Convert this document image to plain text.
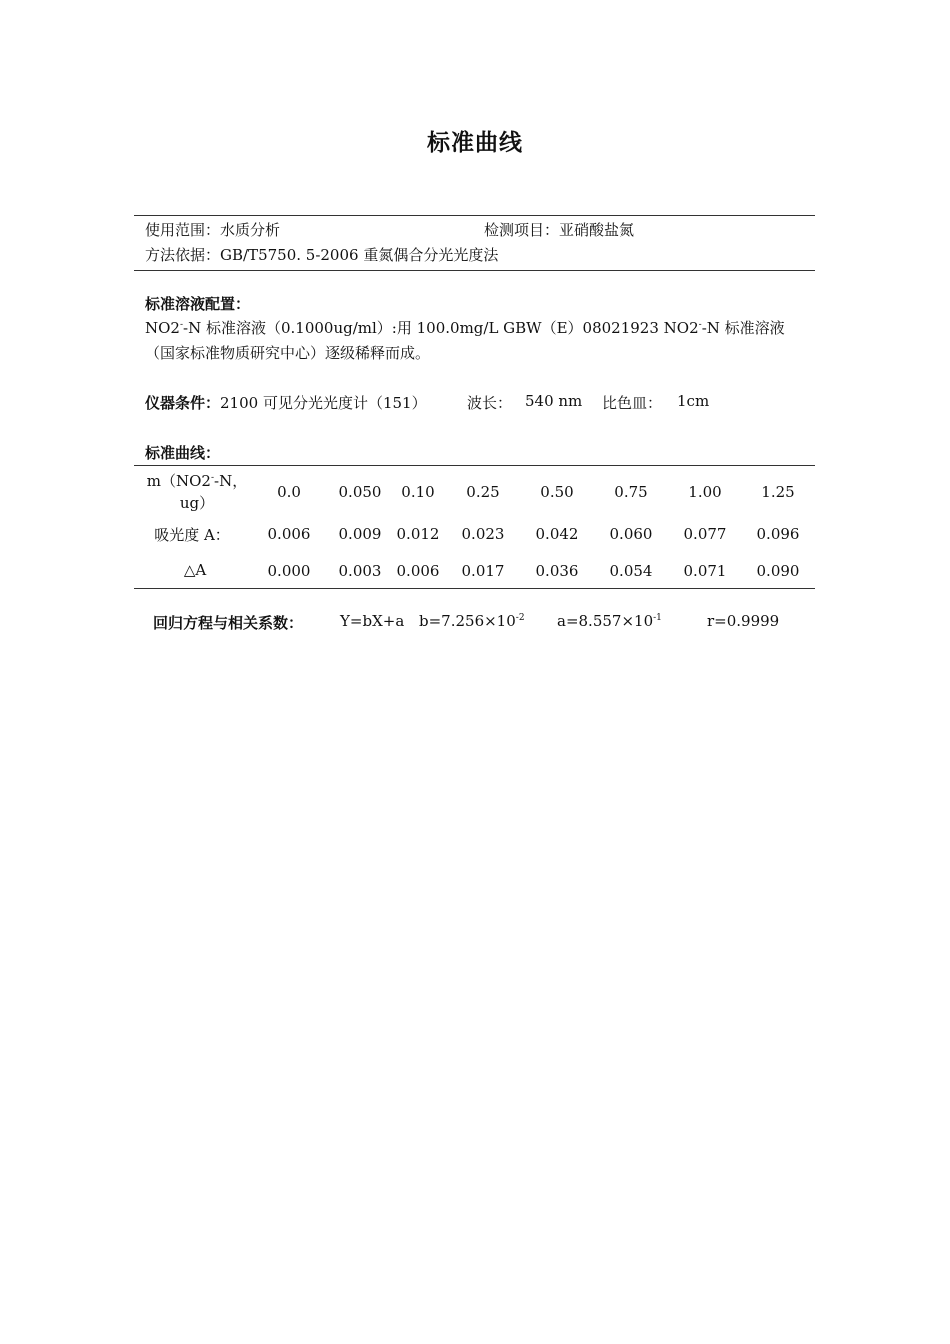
标准曲线
使用范围：水质分析	检测项目：亚硝酸盐氮
方法依据：GB/T5750. 5-2006 重氮偶合分光光度法
标准溶液配置：
NO2--N 标准溶液（0.1000ug/ml）:用 100.0mg/L GBW（E）08021923 NO2--N 标准溶液（国家标准物质研究中心）逐级稀释而成。
仪器条件：2100 可见分光光度计（151）	波长： 540 nm 比色皿： 1cm
标准曲线：
m（NO2--N，
ug）
0.0	0.050	0.10	0.25	0.50	0.75	1.00	1.25
吸光度 A：	0.006	0.009	0.012	0.023	0.042	0.060	0.077	0.096
△A	0.000	0.003	0.006	0.017	0.036	0.054	0.071	0.090
回归方程与相关系数： Y=bX+a $b=7.256\times 10^{-2}$ $a=8.557\times 10^{-1}$	r=0.9999
